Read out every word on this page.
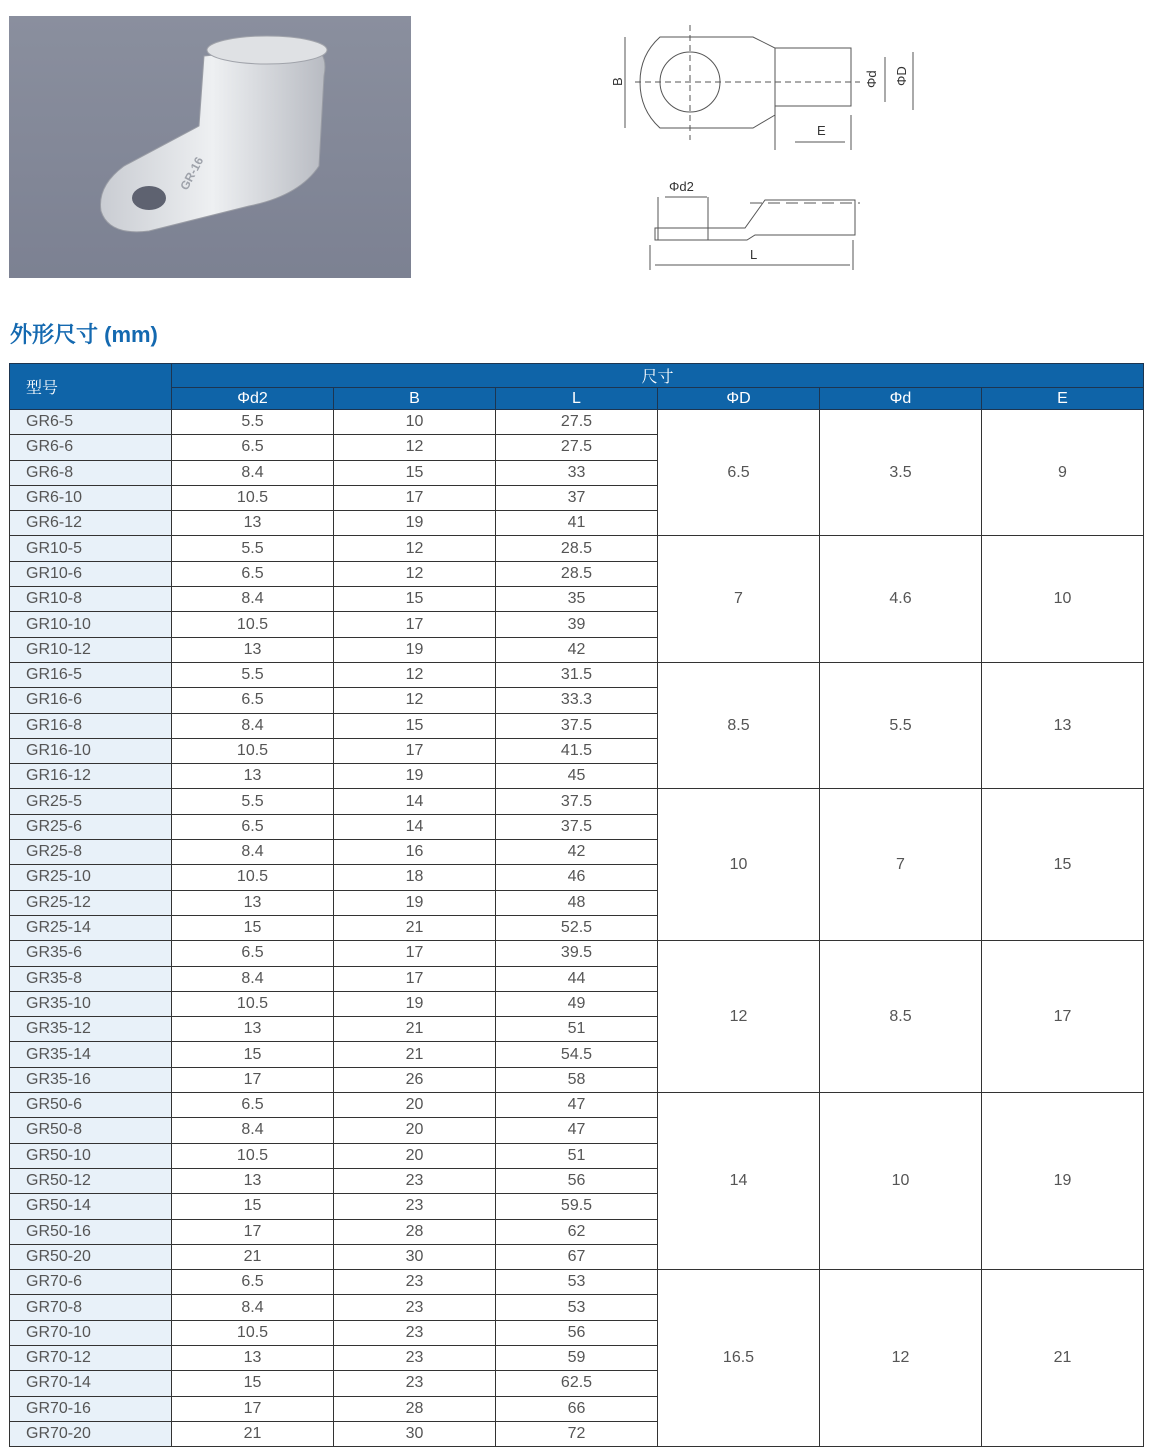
GR-16
B	Φd ΦD
E
Φd2
L
外形尺寸 (mm)
型号	尺寸					
	Φd2	B	L	ΦD	Φd	E
GR6-5	5.5	10	27.5	6.5	3.5	9
GR6-6	6.5	12	27.5			
GR6-8	8.4	15	33			
GR6-10	10.5	17	37			
GR6-12	13	19	41			
GR10-5	5.5	12	28.5	7	4.6	10
GR10-6	6.5	12	28.5			
GR10-8	8.4	15	35			
GR10-10	10.5	17	39			
GR10-12	13	19	42			
GR16-5	5.5	12	31.5	8.5	5.5	13
GR16-6	6.5	12	33.3			
GR16-8	8.4	15	37.5			
GR16-10	10.5	17	41.5			
GR16-12	13	19	45			
GR25-5	5.5	14	37.5	10	7	15
GR25-6	6.5	14	37.5			
GR25-8	8.4	16	42			
GR25-10	10.5	18	46			
GR25-12	13	19	48			
GR25-14	15	21	52.5			
GR35-6	6.5	17	39.5	12	8.5	17
GR35-8	8.4	17	44			
GR35-10	10.5	19	49			
GR35-12	13	21	51			
GR35-14	15	21	54.5			
GR35-16	17	26	58			
GR50-6	6.5	20	47	14	10	19
GR50-8	8.4	20	47			
GR50-10	10.5	20	51			
GR50-12	13	23	56			
GR50-14	15	23	59.5			
GR50-16	17	28	62			
GR50-20	21	30	67			
GR70-6	6.5	23	53	16.5	12	21
GR70-8	8.4	23	53			
GR70-10	10.5	23	56			
GR70-12	13	23	59			
GR70-14	15	23	62.5			
GR70-16	17	28	66			
GR70-20	21	30	72			
